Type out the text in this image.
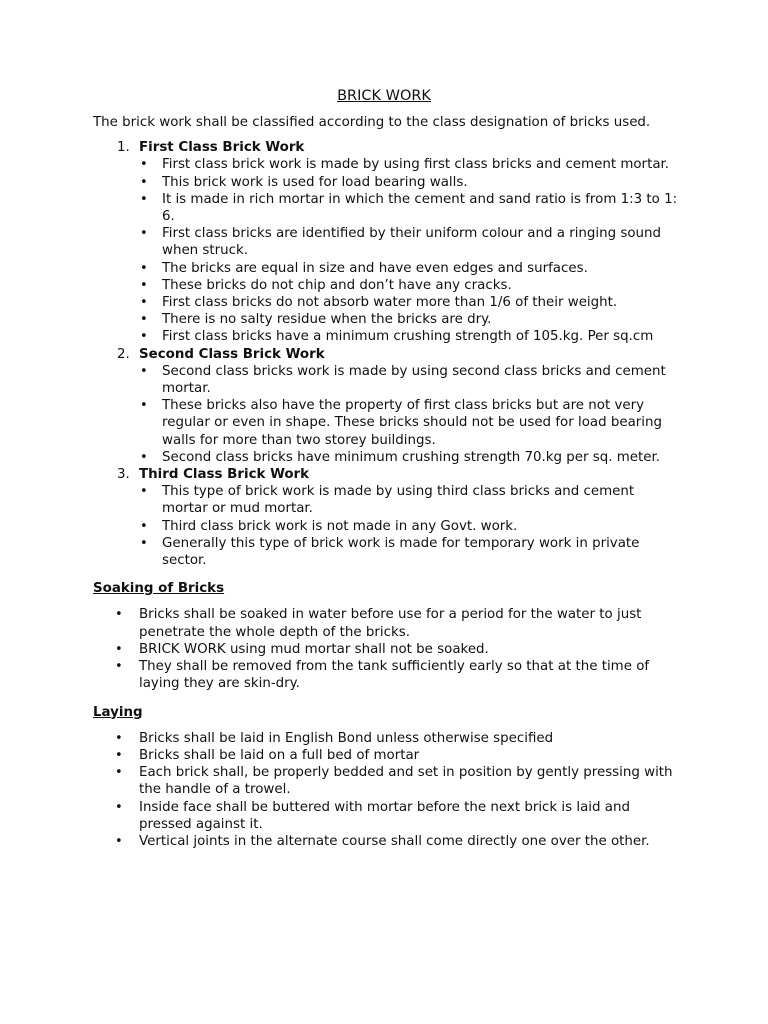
BRICK WORK

The brick work shall be classified according to the class designation of bricks used.

1. First Class Brick Work
• First class brick work is made by using first class bricks and cement mortar.
• This brick work is used for load bearing walls.
• It is made in rich mortar in which the cement and sand ratio is from 1:3 to 1: 6.
• First class bricks are identified by their uniform colour and a ringing sound when struck.
• The bricks are equal in size and have even edges and surfaces.
• These bricks do not chip and don’t have any cracks.
• First class bricks do not absorb water more than 1/6 of their weight.
• There is no salty residue when the bricks are dry.
• First class bricks have a minimum crushing strength of 105.kg. Per sq.cm
2. Second Class Brick Work
• Second class bricks work is made by using second class bricks and cement mortar.
• These bricks also have the property of first class bricks but are not very regular or even in shape. These bricks should not be used for load bearing walls for more than two storey buildings.
• Second class bricks have minimum crushing strength 70.kg per sq. meter.
3. Third Class Brick Work
• This type of brick work is made by using third class bricks and cement mortar or mud mortar.
• Third class brick work is not made in any Govt. work.
• Generally this type of brick work is made for temporary work in private sector.

Soaking of Bricks

• Bricks shall be soaked in water before use for a period for the water to just penetrate the whole depth of the bricks.
• BRICK WORK using mud mortar shall not be soaked.
• They shall be removed from the tank sufficiently early so that at the time of laying they are skin-dry.

Laying

• Bricks shall be laid in English Bond unless otherwise specified
• Bricks shall be laid on a full bed of mortar
• Each brick shall, be properly bedded and set in position by gently pressing with the handle of a trowel.
• Inside face shall be buttered with mortar before the next brick is laid and pressed against it.
• Vertical joints in the alternate course shall come directly one over the other.
